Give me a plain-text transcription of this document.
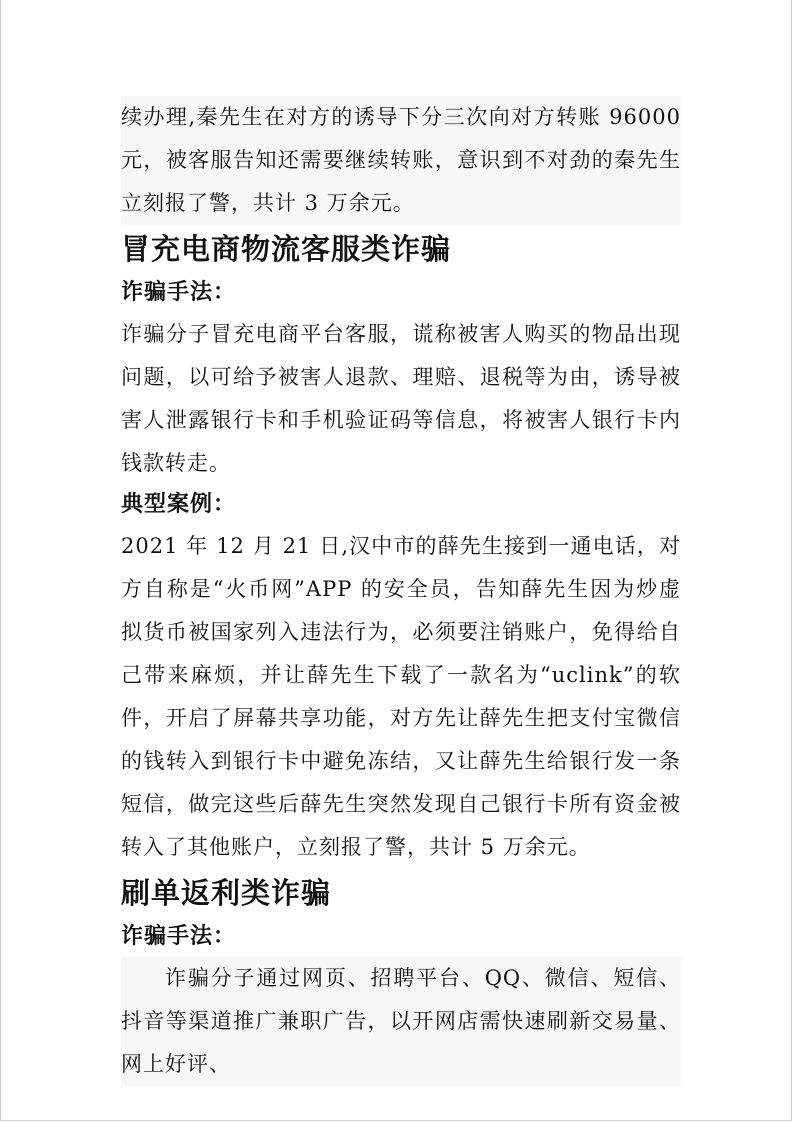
续办理,秦先生在对方的诱导下分三次向对方转账 96000 元，被客服告知还需要继续转账，意识到不对劲的秦先生立刻报了警，共计 3 万余元。

冒充电商物流客服类诈骗
诈骗手法：

诈骗分子冒充电商平台客服，谎称被害人购买的物品出现问题，以可给予被害人退款、理赔、退税等为由，诱导被害人泄露银行卡和手机验证码等信息，将被害人银行卡内钱款转走。

典型案例：

2021 年 12 月 21 日,汉中市的薛先生接到一通电话，对方自称是“火币网”APP 的安全员，告知薛先生因为炒虚拟货币被国家列入违法行为，必须要注销账户，免得给自己带来麻烦，并让薛先生下载了一款名为“uclink”的软件，开启了屏幕共享功能，对方先让薛先生把支付宝微信的钱转入到银行卡中避免冻结，又让薛先生给银行发一条短信，做完这些后薛先生突然发现自己银行卡所有资金被转入了其他账户，立刻报了警，共计 5 万余元。

刷单返利类诈骗
诈骗手法：

诈骗分子通过网页、招聘平台、QQ、微信、短信、抖音等渠道推广兼职广告，以开网店需快速刷新交易量、网上好评、
